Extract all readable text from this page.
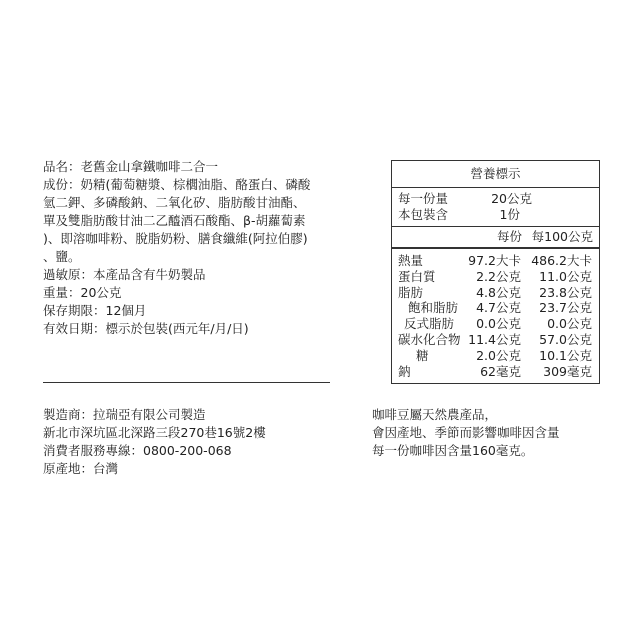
品名：老舊金山拿鐵咖啡二合一
成份：奶精(葡萄糖漿、棕櫚油脂、酪蛋白、磷酸
氫二鉀、多磷酸鈉、二氧化矽、脂肪酸甘油酯、
單及雙脂肪酸甘油二乙醯酒石酸酯、β-胡蘿蔔素
)、即溶咖啡粉、脫脂奶粉、膳食纖維(阿拉伯膠)
、鹽。
過敏原：本產品含有牛奶製品
重量：20公克
保存期限：12個月
有效日期：標示於包裝(西元年/月/日)
製造商：拉瑞亞有限公司製造
新北市深坑區北深路三段270巷16號2樓
消費者服務專線：0800-200-068
原產地：台灣
咖啡豆屬天然農產品，
會因產地、季節而影響咖啡因含量
每一份咖啡因含量160毫克。
營養標示
每一份量	20公克
本包裝含	1份
每份 每100公克
熱量	97.2大卡 486.2大卡
蛋白質	2.2公克	11.0公克
脂肪	4.8公克	23.8公克
飽和脂肪	4.7公克	23.7公克
反式脂肪	0.0公克	0.0公克
碳水化合物 11.4公克	57.0公克
糖	2.0公克	10.1公克
鈉	62毫克	309毫克
